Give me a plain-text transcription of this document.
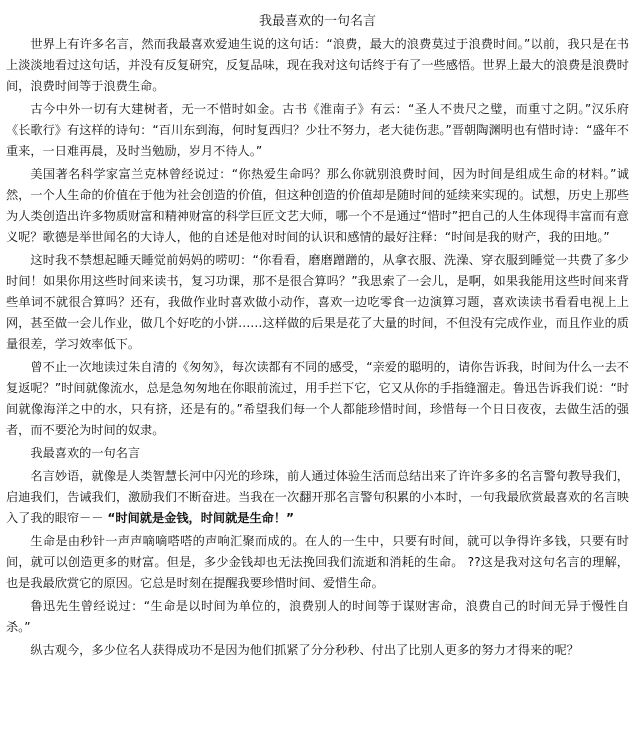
我最喜欢的一句名言

世界上有许多名言，然而我最喜欢爱迪生说的这句话：“浪费，最大的浪费莫过于浪费时间。”以前，我只是在书上淡淡地看过这句话，并没有反复研究，反复品味，现在我对这句话终于有了一些感悟。世界上最大的浪费是浪费时间，浪费时间等于浪费生命。

古今中外一切有大建树者，无一不惜时如金。古书《淮南子》有云：“圣人不贵尺之璧，而重寸之阴。”汉乐府《长歌行》有这样的诗句：“百川东到海，何时复西归？少壮不努力，老大徒伤悲。”晋朝陶渊明也有惜时诗：“盛年不重来，一日难再晨，及时当勉励，岁月不待人。”

美国著名科学家富兰克林曾经说过：“你热爱生命吗？那么你就别浪费时间，因为时间是组成生命的材料。”诚然，一个人生命的价值在于他为社会创造的价值，但这种创造的价值却是随时间的延续来实现的。试想，历史上那些为人类创造出许多物质财富和精神财富的科学巨匠文艺大师，哪一个不是通过“惜时”把自己的人生体现得丰富而有意义呢？歌德是举世闻名的大诗人，他的自述是他对时间的认识和感情的最好注释：“时间是我的财产，我的田地。”

这时我不禁想起睡天睡觉前妈妈的唠叨：“你看看，磨磨蹭蹭的，从拿衣服、洗澡、穿衣服到睡觉一共费了多少时间！如果你用这些时间来读书，复习功课，那不是很合算吗？”我思索了一会儿，是啊，如果我能用这些时间来背些单词不就很合算吗？还有，我做作业时喜欢做小动作，喜欢一边吃零食一边演算习题，喜欢读读书看看电视上上网，甚至做一会儿作业，做几个好吃的小饼……这样做的后果是花了大量的时间，不但没有完成作业，而且作业的质量很差，学习效率低下。

曾不止一次地读过朱自清的《匆匆》，每次读都有不同的感受，“亲爱的聪明的，请你告诉我，时间为什么一去不复返呢？”时间就像流水，总是急匆匆地在你眼前流过，用手拦下它，它又从你的手指缝溜走。鲁迅告诉我们说：“时间就像海洋之中的水，只有挤，还是有的。”希望我们每一个人都能珍惜时间，珍惜每一个日日夜夜，去做生活的强者，而不要沦为时间的奴隶。

我最喜欢的一句名言

名言妙语，就像是人类智慧长河中闪光的珍珠，前人通过体验生活而总结出来了许许多多的名言警句教导我们，启迪我们，告诫我们，激励我们不断奋进。当我在一次翻开那名言警句积累的小本时，一句我最欣赏最喜欢的名言映入了我的眼帘－－ “时间就是金钱，时间就是生命！”

生命是由秒针一声声嘀嘀嗒嗒的声响汇聚而成的。在人的一生中，只要有时间，就可以争得许多钱，只要有时间，就可以创造更多的财富。但是，多少金钱却也无法挽回我们流逝和消耗的生命。 ??这是我对这句名言的理解，也是我最欣赏它的原因。它总是时刻在提醒我要珍惜时间、爱惜生命。

鲁迅先生曾经说过：“生命是以时间为单位的，浪费别人的时间等于谋财害命，浪费自己的时间无异于慢性自杀。”

纵古观今，多少位名人获得成功不是因为他们抓紧了分分秒秒、付出了比别人更多的努力才得来的呢？
